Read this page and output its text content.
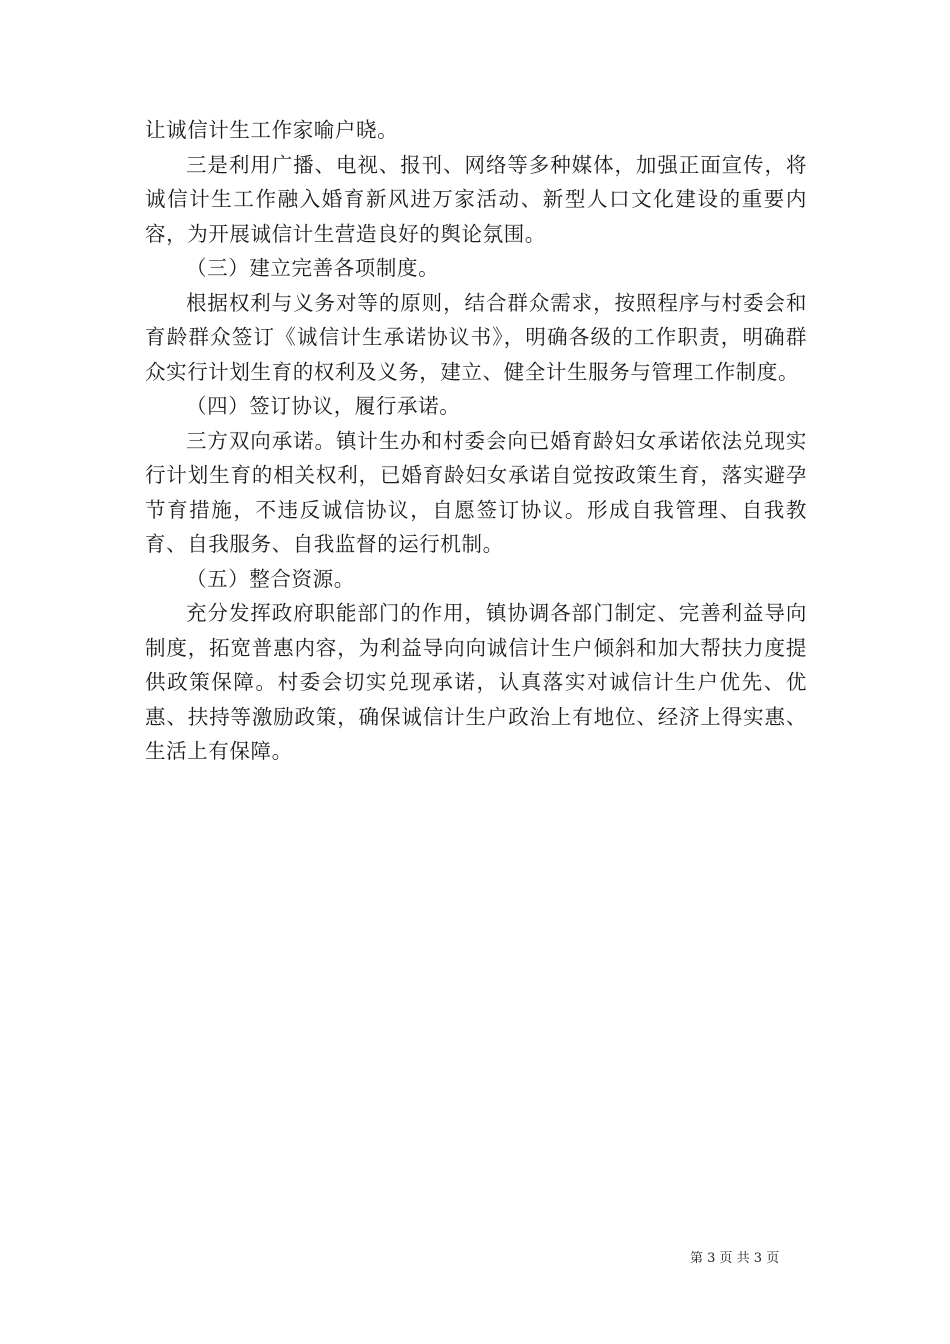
让诚信计生工作家喻户晓。

三是利用广播、电视、报刊、网络等多种媒体，加强正面宣传，将诚信计生工作融入婚育新风进万家活动、新型人口文化建设的重要内容，为开展诚信计生营造良好的舆论氛围。

（三）建立完善各项制度。

根据权利与义务对等的原则，结合群众需求，按照程序与村委会和育龄群众签订《诚信计生承诺协议书》，明确各级的工作职责，明确群众实行计划生育的权利及义务，建立、健全计生服务与管理工作制度。

（四）签订协议，履行承诺。

三方双向承诺。镇计生办和村委会向已婚育龄妇女承诺依法兑现实行计划生育的相关权利，已婚育龄妇女承诺自觉按政策生育，落实避孕节育措施，不违反诚信协议，自愿签订协议。形成自我管理、自我教育、自我服务、自我监督的运行机制。

（五）整合资源。

充分发挥政府职能部门的作用，镇协调各部门制定、完善利益导向制度，拓宽普惠内容，为利益导向向诚信计生户倾斜和加大帮扶力度提供政策保障。村委会切实兑现承诺，认真落实对诚信计生户优先、优惠、扶持等激励政策，确保诚信计生户政治上有地位、经济上得实惠、生活上有保障。

第 3 页 共 3 页
